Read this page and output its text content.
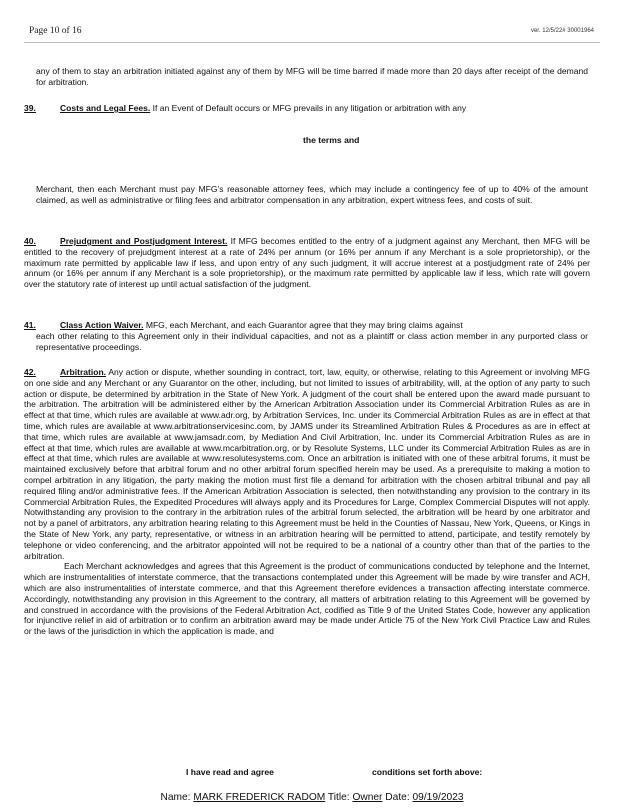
Page 10 of 16	ver. 12/5/22# 30001964

any of them to stay an arbitration initiated against any of them by MFG will be time barred if made more than 20 days after receipt of the demand for arbitration.

39.	Costs and Legal Fees. If an Event of Default occurs or MFG prevails in any litigation or arbitration with any
the terms and

Merchant, then each Merchant must pay MFG’s reasonable attorney fees, which may include a contingency fee of up to 40% of the amount claimed, as well as administrative or filing fees and arbitrator compensation in any arbitration, expert witness fees, and costs of suit.

40.	Prejudgment and Postjudgment Interest. If MFG becomes entitled to the entry of a judgment against any Merchant, then MFG will be entitled to the recovery of prejudgment interest at a rate of 24% per annum (or 16% per annum if any Merchant is a sole proprietorship), or the maximum rate permitted by applicable law if less, and upon entry of any such judgment, it will accrue interest at a postjudgment rate of 24% per annum (or 16% per annum if any Merchant is a sole proprietorship), or the maximum rate permitted by applicable law if less, which rate will govern over the statutory rate of interest up until actual satisfaction of the judgment.

41.	Class Action Waiver. MFG, each Merchant, and each Guarantor agree that they may bring claims against

each other relating to this Agreement only in their individual capacities, and not as a plaintiff or class action member in any purported class or representative proceedings.

42.	Arbitration. Any action or dispute, whether sounding in contract, tort, law, equity, or otherwise, relating to this Agreement or involving MFG on one side and any Merchant or any Guarantor on the other, including, but not limited to issues of arbitrability, will, at the option of any party to such action or dispute, be determined by arbitration in the State of New York. A judgment of the court shall be entered upon the award made pursuant to the arbitration. The arbitration will be administered either by the American Arbitration Association under its Commercial Arbitration Rules as are in effect at that time, which rules are available at www.adr.org, by Arbitration Services, Inc. under its Commercial Arbitration Rules as are in effect at that time, which rules are available at www.arbitrationservicesinc.com, by JAMS under its Streamlined Arbitration Rules & Procedures as are in effect at that time, which rules are available at www.jamsadr.com, by Mediation And Civil Arbitration, Inc. under its Commercial Arbitration Rules as are in effect at that time, which rules are available at www.mcarbitration.org, or by Resolute Systems, LLC under its Commercial Arbitration Rules as are in effect at that time, which rules are available at www.resolutesystems.com. Once an arbitration is initiated with one of these arbitral forums, it must be maintained exclusively before that arbitral forum and no other arbitral forum specified herein may be used. As a prerequisite to making a motion to compel arbitration in any litigation, the party making the motion must first file a demand for arbitration with the chosen arbitral tribunal and pay all required filing and/or administrative fees. If the American Arbitration Association is selected, then notwithstanding any provision to the contrary in its Commercial Arbitration Rules, the Expedited Procedures will always apply and its Procedures for Large, Complex Commercial Disputes will not apply. Notwithstanding any provision to the contrary in the arbitration rules of the arbitral forum selected, the arbitration will be heard by one arbitrator and not by a panel of arbitrators, any arbitration hearing relating to this Agreement must be held in the Counties of Nassau, New York, Queens, or Kings in the State of New York, any party, representative, or witness in an arbitration hearing will be permitted to attend, participate, and testify remotely by telephone or video conferencing, and the arbitrator appointed will not be required to be a national of a country other than that of the parties to the arbitration.

Each Merchant acknowledges and agrees that this Agreement is the product of communications conducted by telephone and the Internet, which are instrumentalities of interstate commerce, that the transactions contemplated under this Agreement will be made by wire transfer and ACH, which are also instrumentalities of interstate commerce, and that this Agreement therefore evidences a transaction affecting interstate commerce. Accordingly, notwithstanding any provision in this Agreement to the contrary, all matters of arbitration relating to this Agreement will be governed by and construed in accordance with the provisions of the Federal Arbitration Act, codified as Title 9 of the United States Code, however any application for injunctive relief in aid of arbitration or to confirm an arbitration award may be made under Article 75 of the New York Civil Practice Law and Rules or the laws of the jurisdiction in which the application is made, and

I have read and agree	conditions set forth above:
Name: MARK FREDERICK RADOM Title: Owner Date: 09/19/2023
